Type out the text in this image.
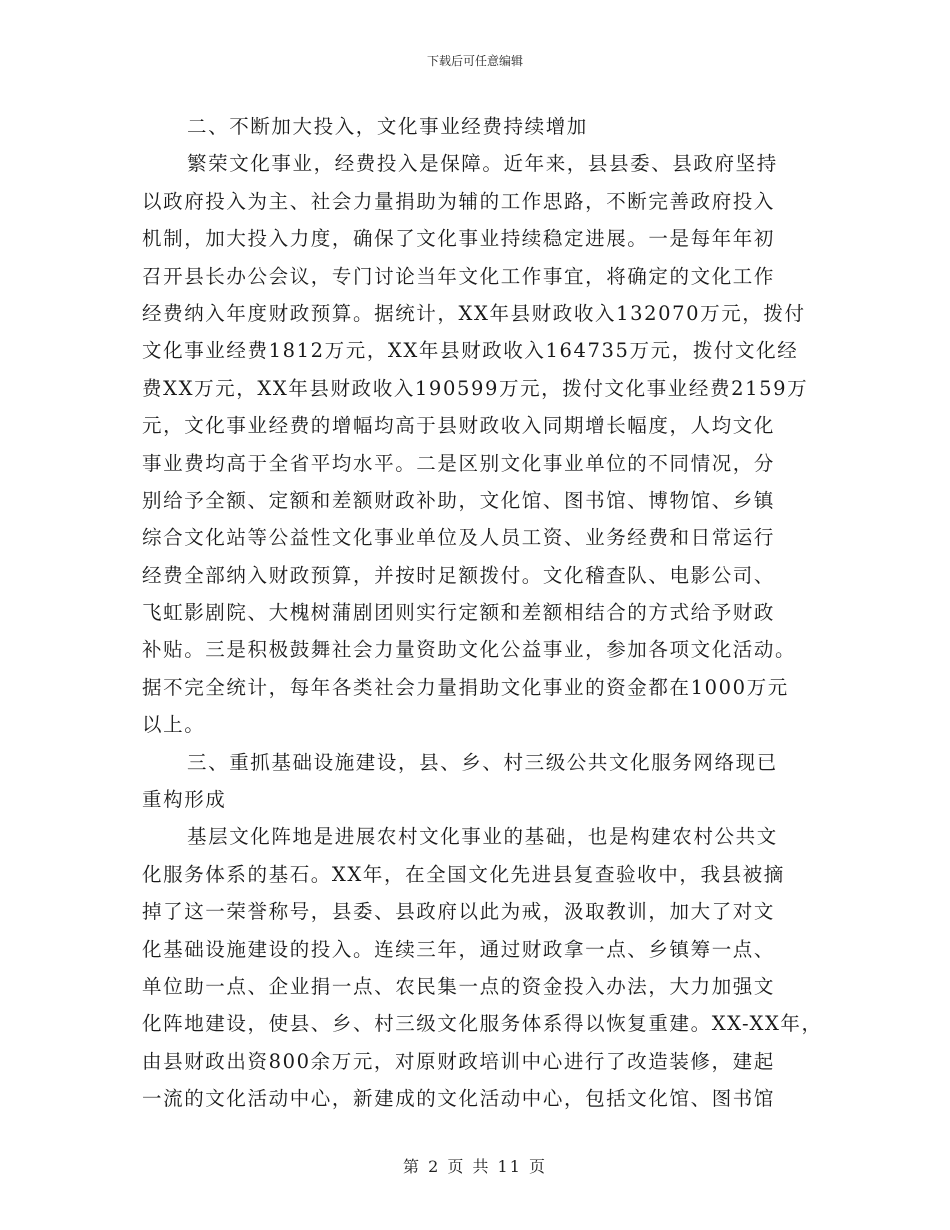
下载后可任意编辑
二、不断加大投入，文化事业经费持续增加
繁荣文化事业，经费投入是保障。近年来，县县委、县政府坚持
以政府投入为主、社会力量捐助为辅的工作思路，不断完善政府投入
机制，加大投入力度，确保了文化事业持续稳定进展。一是每年年初
召开县长办公会议，专门讨论当年文化工作事宜，将确定的文化工作
经费纳入年度财政预算。据统计，XX年县财政收入132070万元，拨付
文化事业经费1812万元，XX年县财政收入164735万元，拨付文化经
费XX万元，XX年县财政收入190599万元，拨付文化事业经费2159万
元，文化事业经费的增幅均高于县财政收入同期增长幅度，人均文化
事业费均高于全省平均水平。二是区别文化事业单位的不同情况，分
别给予全额、定额和差额财政补助，文化馆、图书馆、博物馆、乡镇
综合文化站等公益性文化事业单位及人员工资、业务经费和日常运行
经费全部纳入财政预算，并按时足额拨付。文化稽查队、电影公司、
飞虹影剧院、大槐树蒲剧团则实行定额和差额相结合的方式给予财政
补贴。三是积极鼓舞社会力量资助文化公益事业，参加各项文化活动。
据不完全统计，每年各类社会力量捐助文化事业的资金都在1000万元
以上。
三、重抓基础设施建设，县、乡、村三级公共文化服务网络现已
重构形成
基层文化阵地是进展农村文化事业的基础，也是构建农村公共文
化服务体系的基石。XX年，在全国文化先进县复查验收中，我县被摘
掉了这一荣誉称号，县委、县政府以此为戒，汲取教训，加大了对文
化基础设施建设的投入。连续三年，通过财政拿一点、乡镇筹一点、
单位助一点、企业捐一点、农民集一点的资金投入办法，大力加强文
化阵地建设，使县、乡、村三级文化服务体系得以恢复重建。XX-XX年，
由县财政出资800余万元，对原财政培训中心进行了改造装修，建起
一流的文化活动中心，新建成的文化活动中心，包括文化馆、图书馆
第 2 页 共 11 页
